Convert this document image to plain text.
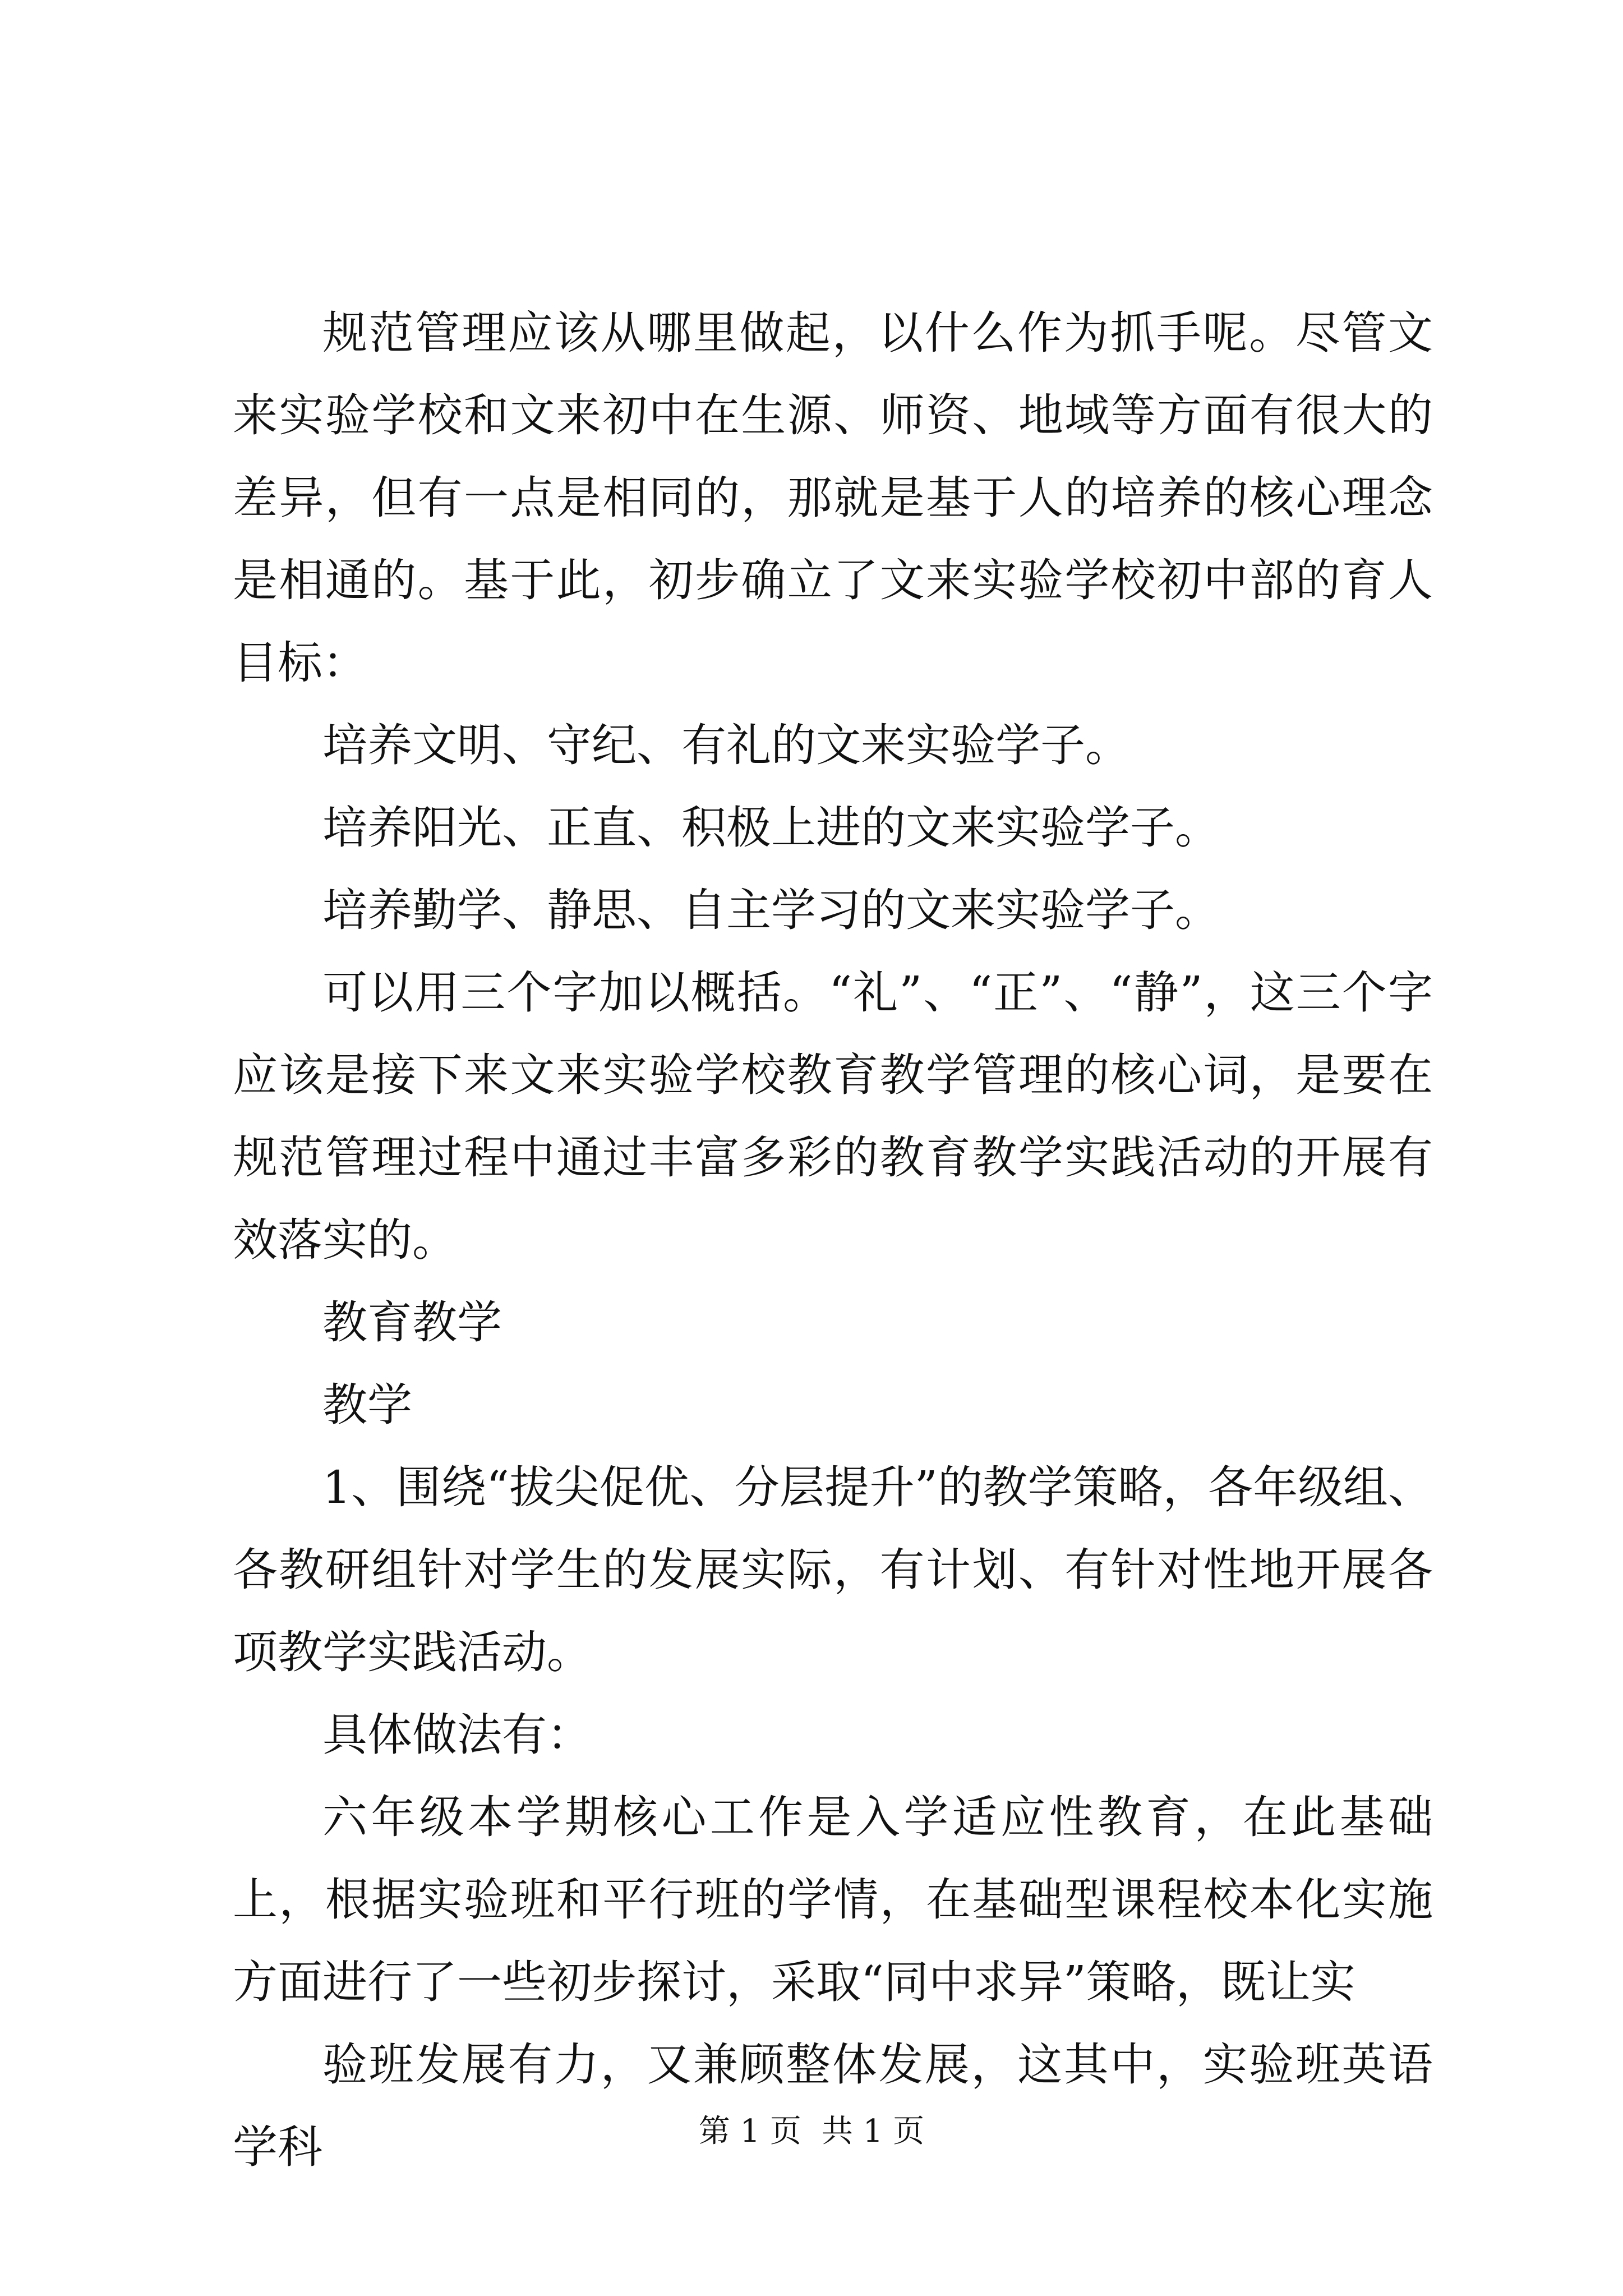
规范管理应该从哪里做起，以什么作为抓手呢。尽管文来实验学校和文来初中在生源、师资、地域等方面有很大的差异，但有一点是相同的，那就是基于人的培养的核心理念是相通的。基于此，初步确立了文来实验学校初中部的育人目标：

培养文明、守纪、有礼的文来实验学子。

培养阳光、正直、积极上进的文来实验学子。

培养勤学、静思、自主学习的文来实验学子。

可以用三个字加以概括。“礼”、“正”、“静”，这三个字应该是接下来文来实验学校教育教学管理的核心词，是要在规范管理过程中通过丰富多彩的教育教学实践活动的开展有效落实的。

教育教学

教学

1、围绕“拔尖促优、分层提升”的教学策略，各年级组、各教研组针对学生的发展实际，有计划、有针对性地开展各项教学实践活动。

具体做法有：

六年级本学期核心工作是入学适应性教育，在此基础上，根据实验班和平行班的学情，在基础型课程校本化实施方面进行了一些初步探讨，采取“同中求异”策略，既让实

验班发展有力，又兼顾整体发展，这其中，实验班英语学科	第 1 页 共 1 页
